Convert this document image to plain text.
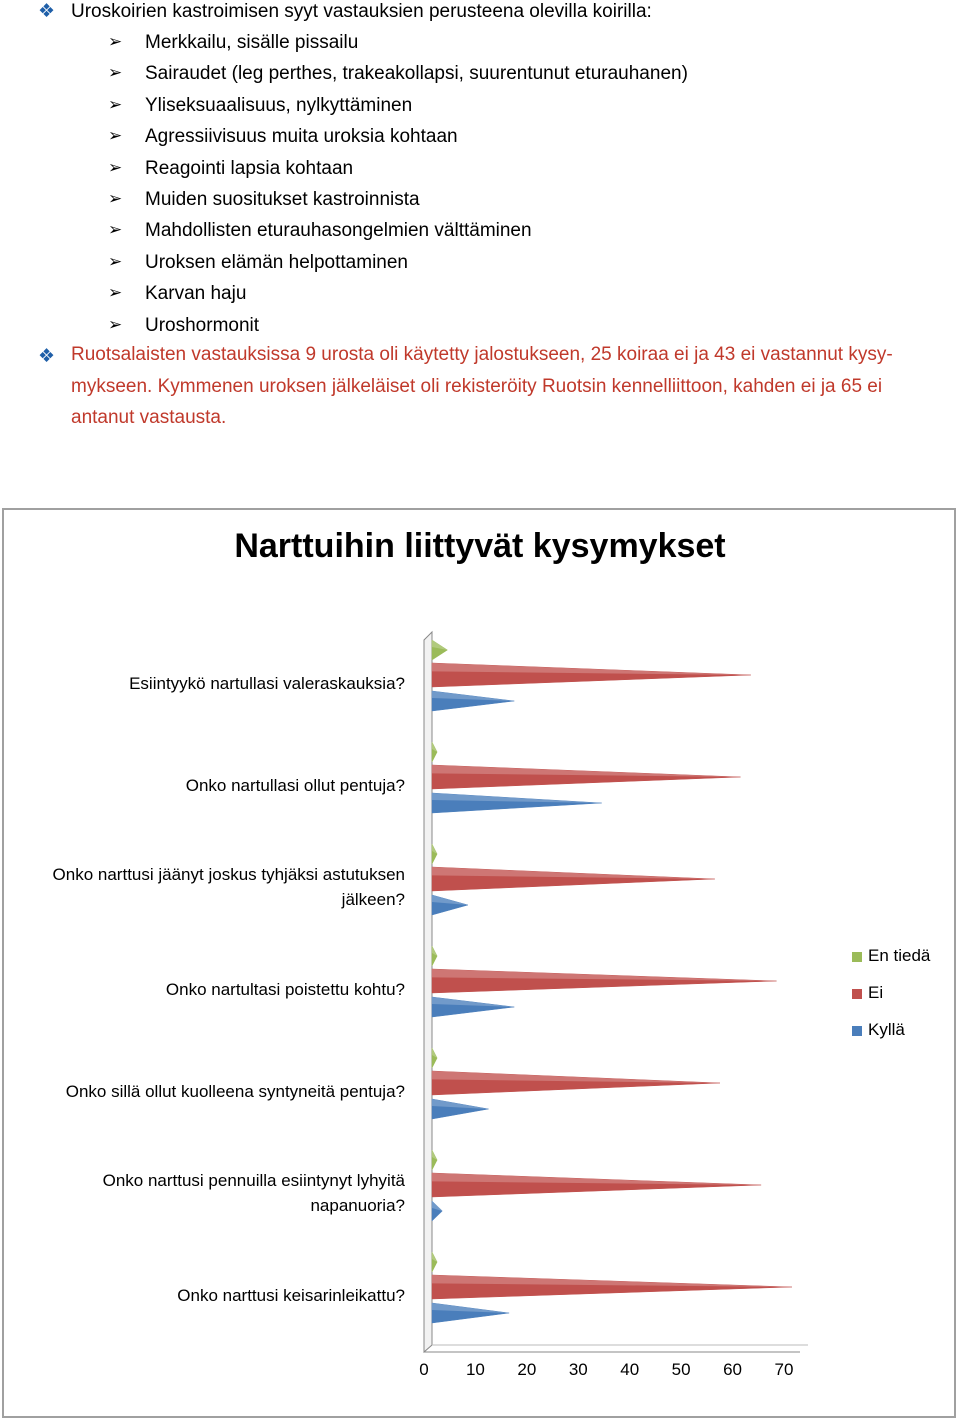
❖ Uroskoirien kastroimisen syyt vastauksien perusteena olevilla koirilla:
➢ Merkkailu, sisälle pissailu
➢ Sairaudet (leg perthes, trakeakollapsi, suurentunut eturauhanen)
➢ Yliseksuaalisuus, nylkyttäminen
➢ Agressiivisuus muita uroksia kohtaan
➢ Reagointi lapsia kohtaan
➢ Muiden suositukset kastroinnista
➢ Mahdollisten eturauhasongelmien välttäminen
➢ Uroksen elämän helpottaminen
➢ Karvan haju
➢ Uroshormonit
❖ Ruotsalaisten vastauksissa 9 urosta oli käytetty jalostukseen, 25 koiraa ei ja 43 ei vastannut kysy-
mykseen. Kymmenen uroksen jälkeläiset oli rekisteröity Ruotsin kennelliittoon, kahden ei ja 65 ei
antanut vastausta.
Narttuihin liittyvät kysymykset
Esiintyykö nartullasi valeraskauksia?
Onko nartullasi ollut pentuja?
Onko narttusi jäänyt joskus tyhjäksi astutuksen
jälkeen?
Onko nartultasi poistettu kohtu?
Onko sillä ollut kuolleena syntyneitä pentuja?
Onko narttusi pennuilla esiintynyt lyhyitä
napanuoria?
Onko narttusi keisarinleikattu?
0 10 20 30 40 50 60 70
En tiedä
Ei
Kyllä
